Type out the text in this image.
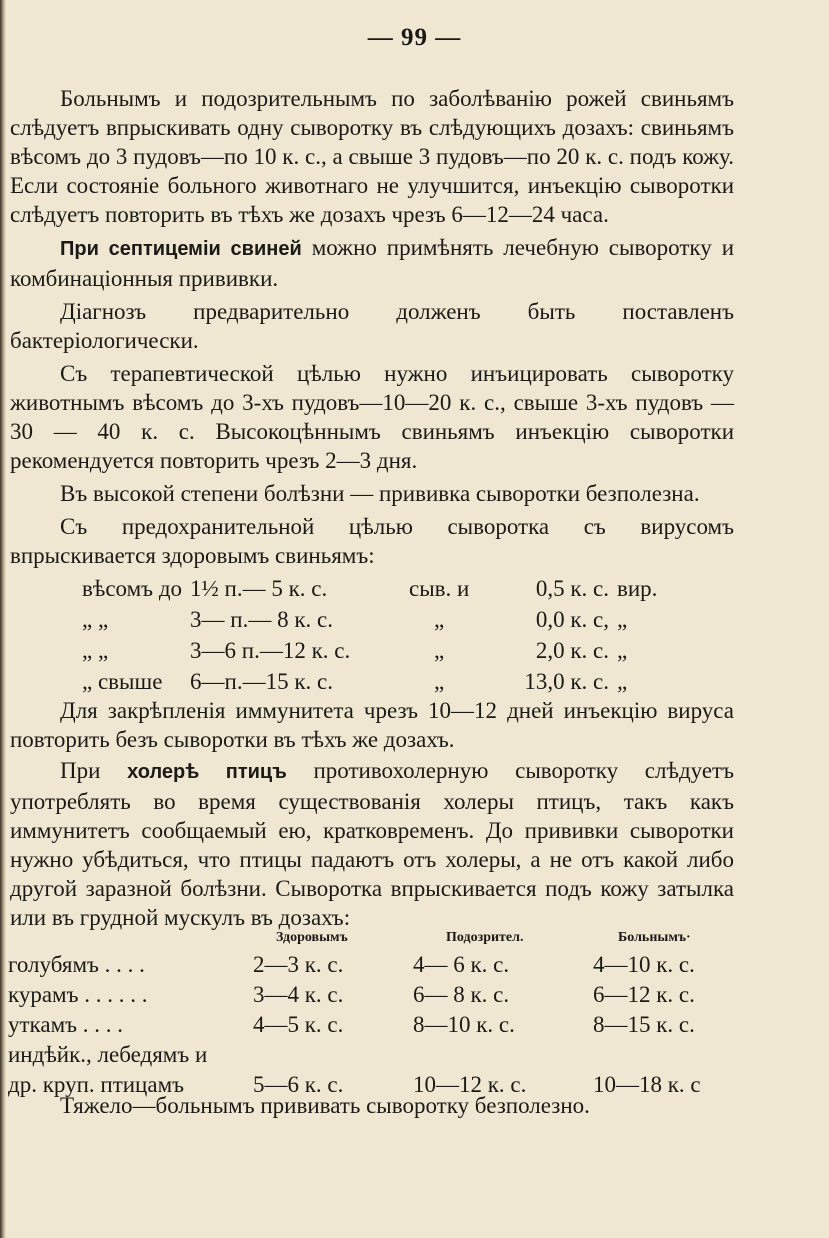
— 99 —

Больнымъ и подозрительнымъ по заболѣванію рожей свиньямъ слѣдуетъ впрыскивать одну сыворотку въ слѣдующихъ дозахъ: свиньямъ вѣсомъ до 3 пудовъ—по 10 к. с., а свыше 3 пудовъ—по 20 к. с. подъ кожу. Если состояніе больного животнаго не улучшится, инъекцію сыворотки слѣдуетъ повторить въ тѣхъ же дозахъ чрезъ 6—12—24 часа.

При септицеміи свиней можно примѣнять лечебную сыворотку и комбинаціонныя прививки.

Діагнозъ предварительно долженъ быть поставленъ бактеріологически.

Съ терапевтической цѣлью нужно инъицировать сыворотку животнымъ вѣсомъ до 3-хъ пудовъ—10—20 к. с., свыше 3-хъ пудовъ — 30 — 40 к. с. Высокоцѣннымъ свиньямъ инъекцію сыворотки рекомендуется повторить чрезъ 2—3 дня.

Въ высокой степени болѣзни — прививка сыворотки безполезна.

Съ предохранительной цѣлью сыворотка съ вирусомъ впрыскивается здоровымъ свиньямъ:

вѣсомъ до	1½ п.— 5 к. с.	сыв. и	0,5 к. с.	вир.
„ „	3— п.— 8 к. с.	„	0,0 к. с,	„
„ „	3—6 п.—12 к. с.	„	2,0 к. с.	„
„ свыше	6—п.—15 к. с.	„	13,0 к. с.	„

Для закрѣпленія иммунитета чрезъ 10—12 дней инъекцію вируса повторить безъ сыворотки въ тѣхъ же дозахъ.

При холерѣ птицъ противохолерную сыворотку слѣдуетъ употреблять во время существованія холеры птицъ, такъ какъ иммунитетъ сообщаемый ею, кратковременъ. До прививки сыворотки нужно убѣдиться, что птицы падаютъ отъ холеры, а не отъ какой либо другой заразной болѣзни. Сыворотка впрыскивается подъ кожу затылка или въ грудной мускулъ въ дозахъ:

Здоровымъ	Подозрител.	Больнымъ·
голубямъ . . . .	2—3 к. с.	4— 6 к. с.	4—10 к. с.
курамъ . . . . . .	3—4 к. с.	6— 8 к. с.	6—12 к. с.
уткамъ . . . .	4—5 к. с.	8—10 к. с.	8—15 к. с.
индѣйк., лебедямъ и			
др. круп. птицамъ	5—6 к. с.	10—12 к. с.	10—18 к. с
Тяжело—больнымъ прививать сыворотку безполезно.
